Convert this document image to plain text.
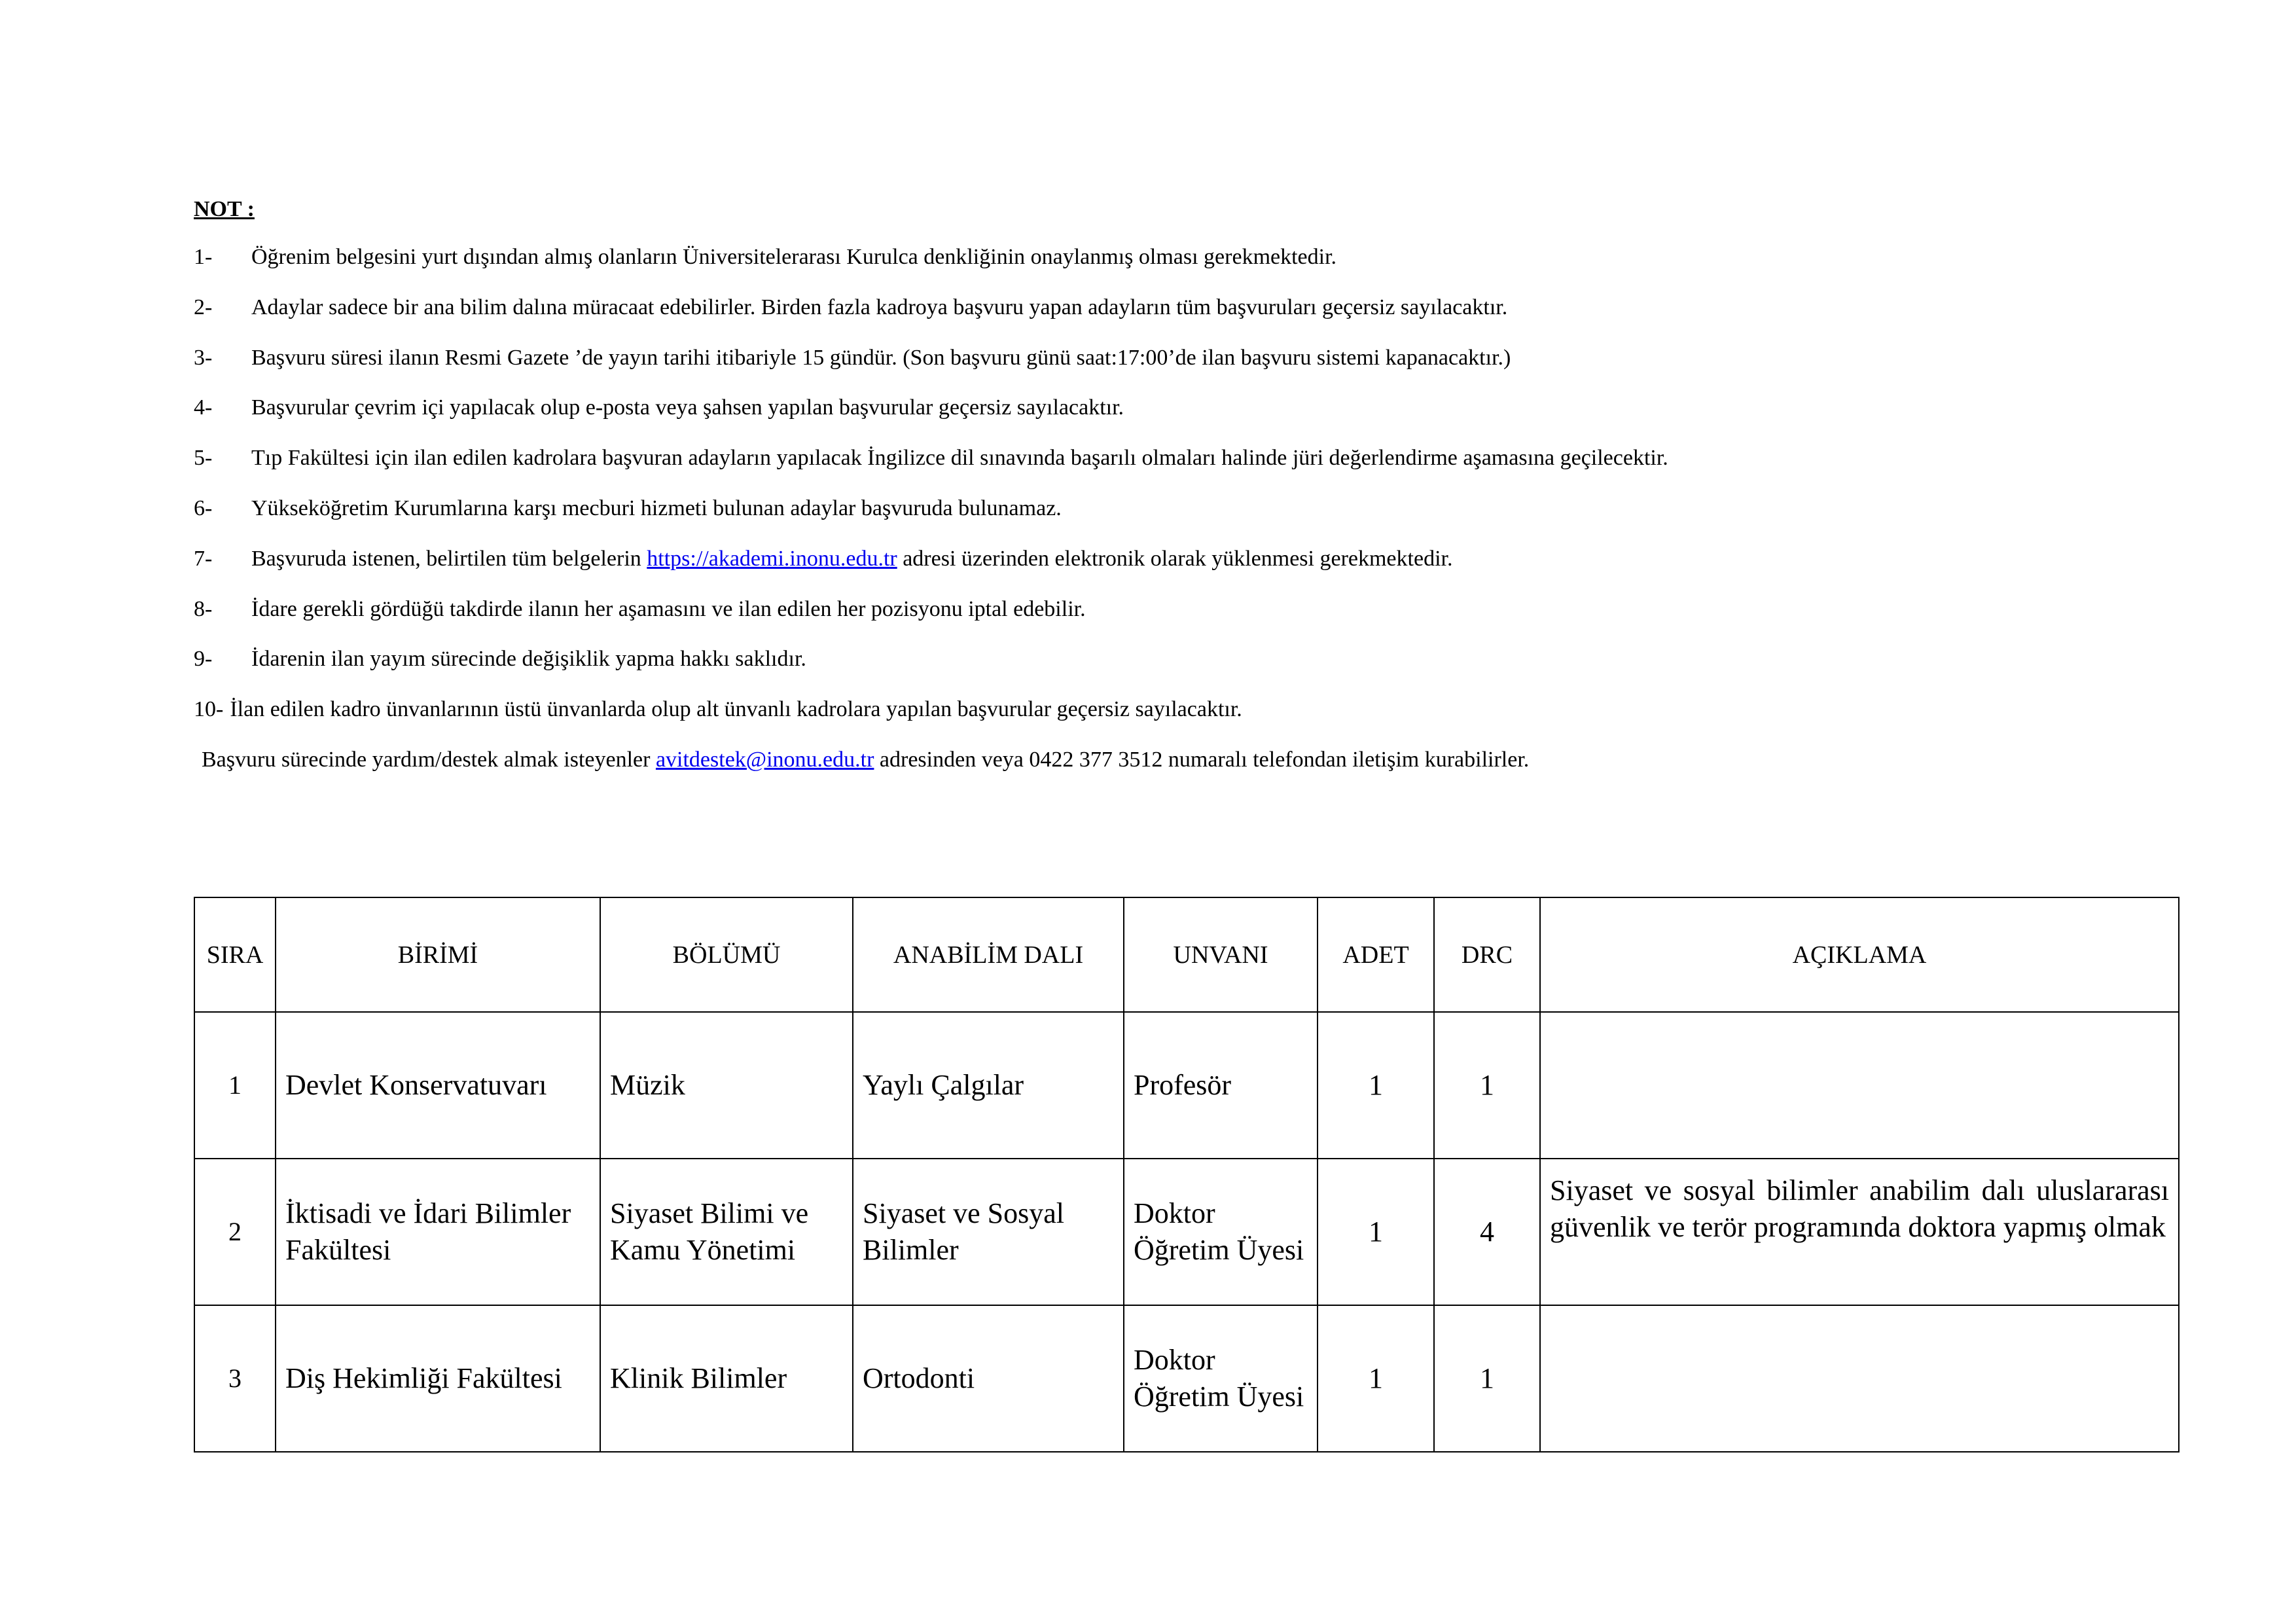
NOT :
1-	Öğrenim belgesini yurt dışından almış olanların Üniversitelerarası Kurulca denkliğinin onaylanmış olması gerekmektedir.
2-	Adaylar sadece bir ana bilim dalına müracaat edebilirler. Birden fazla kadroya başvuru yapan adayların tüm başvuruları geçersiz sayılacaktır.
3-	Başvuru süresi ilanın Resmi Gazete ’de yayın tarihi itibariyle 15 gündür. (Son başvuru günü saat:17:00’de ilan başvuru sistemi kapanacaktır.)
4-	Başvurular çevrim içi yapılacak olup e-posta veya şahsen yapılan başvurular geçersiz sayılacaktır.
5-	Tıp Fakültesi için ilan edilen kadrolara başvuran adayların yapılacak İngilizce dil sınavında başarılı olmaları halinde jüri değerlendirme aşamasına geçilecektir.
6-	Yükseköğretim Kurumlarına karşı mecburi hizmeti bulunan adaylar başvuruda bulunamaz.
7-	Başvuruda istenen, belirtilen tüm belgelerin https://akademi.inonu.edu.tr adresi üzerinden elektronik olarak yüklenmesi gerekmektedir.
8-	İdare gerekli gördüğü takdirde ilanın her aşamasını ve ilan edilen her pozisyonu iptal edebilir.
9-	İdarenin ilan yayım sürecinde değişiklik yapma hakkı saklıdır.
10- İlan edilen kadro ünvanlarının üstü ünvanlarda olup alt ünvanlı kadrolara yapılan başvurular geçersiz sayılacaktır.
Başvuru sürecinde yardım/destek almak isteyenler avitdestek@inonu.edu.tr adresinden veya 0422 377 3512 numaralı telefondan iletişim kurabilirler.
SIRA	BİRİMİ	BÖLÜMÜ	ANABİLİM DALI	UNVANI	ADET	DRC	AÇIKLAMA
1	Devlet Konservatuvarı	Müzik	Yaylı Çalgılar	Profesör	1	1	
2	İktisadi ve İdari Bilimler Fakültesi	Siyaset Bilimi ve Kamu Yönetimi	Siyaset ve Sosyal Bilimler	Doktor Öğretim Üyesi	1	4	Siyaset ve sosyal bilimler anabilim dalı uluslararası güvenlik ve terör programında doktora yapmış olmak
3	Diş Hekimliği Fakültesi	Klinik Bilimler	Ortodonti	Doktor Öğretim Üyesi	1	1	
